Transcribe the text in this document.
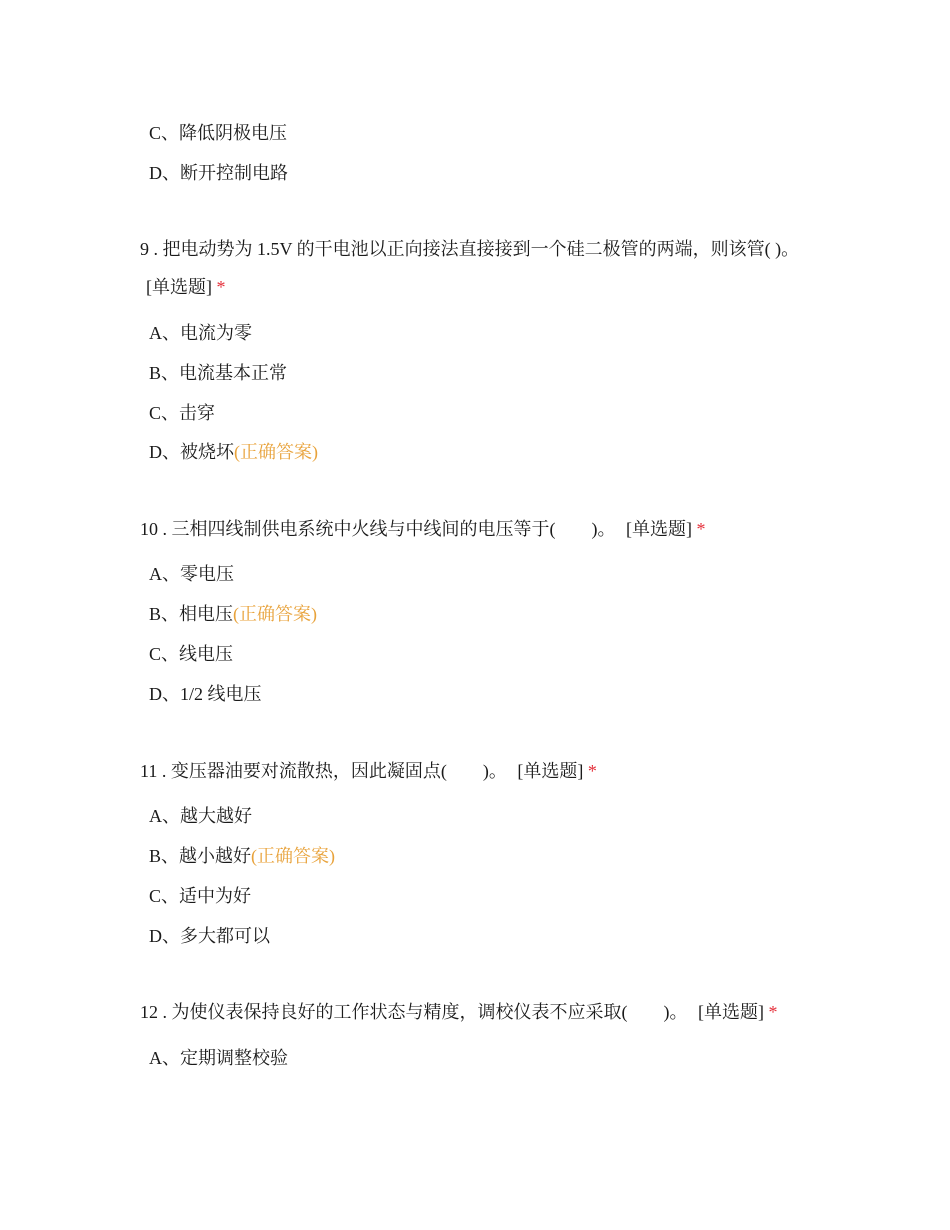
C、降低阴极电压
D、断开控制电路
9 . 把电动势为 1.5V 的干电池以正向接法直接接到一个硅二极管的两端，则该管( )。 [单选题] *
A、电流为零
B、电流基本正常
C、击穿
D、被烧坏(正确答案)
10 . 三相四线制供电系统中火线与中线间的电压等于(　　)。 [单选题] *
A、零电压
B、相电压(正确答案)
C、线电压
D、1/2 线电压
11 . 变压器油要对流散热，因此凝固点(　　)。 [单选题] *
A、越大越好
B、越小越好(正确答案)
C、适中为好
D、多大都可以
12 . 为使仪表保持良好的工作状态与精度，调校仪表不应采取(　　)。 [单选题] *
A、定期调整校验
